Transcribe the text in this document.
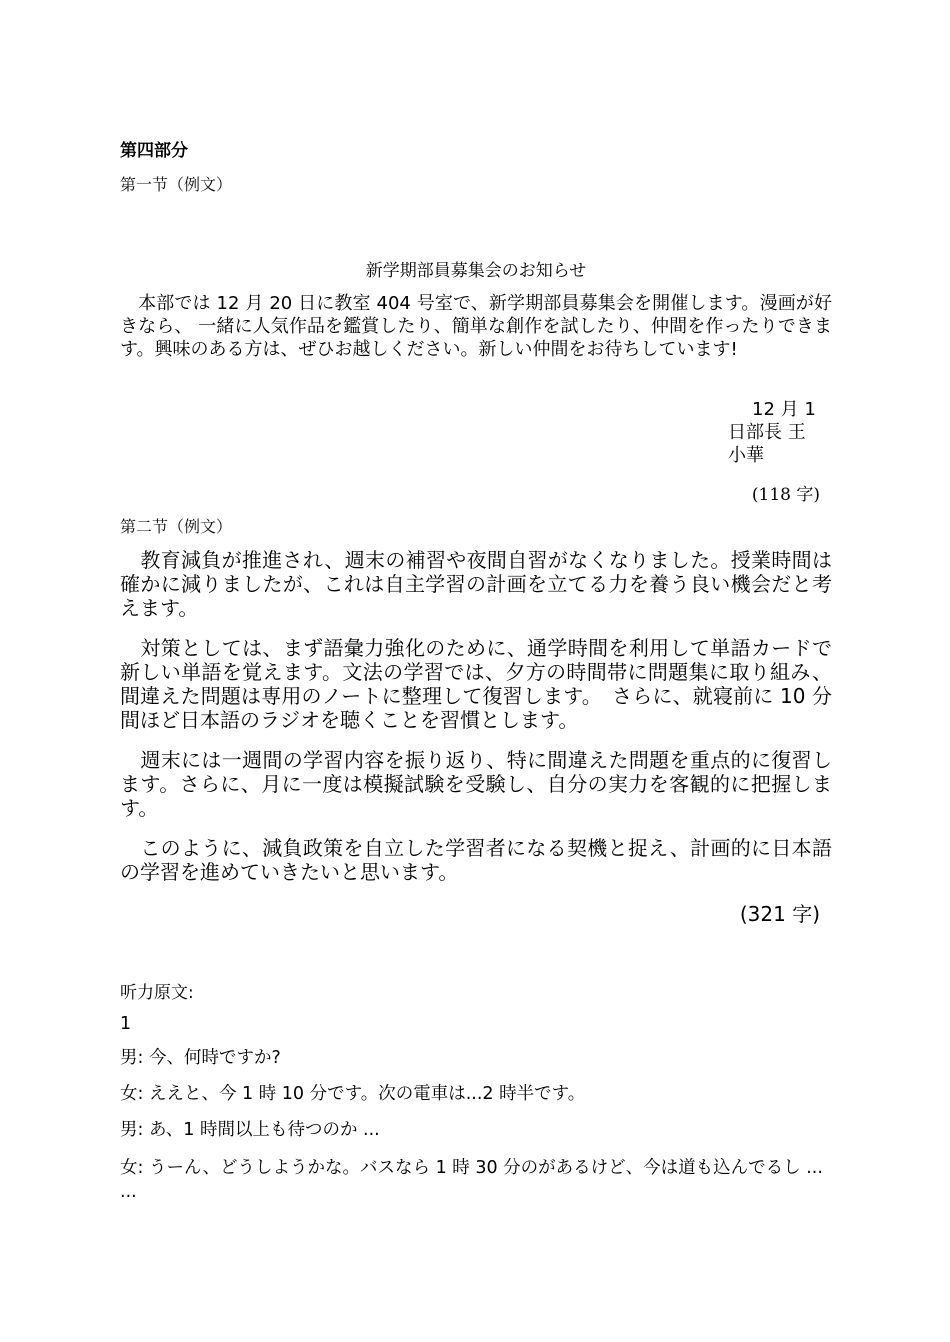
第四部分
第一节（例文）
新学期部員募集会のお知らせ
　本部では 12 月 20 日に教室 404 号室で、新学期部員募集会を開催します。漫画が好きなら、 一緒に人気作品を鑑賞したり、簡単な創作を試したり、仲間を作ったりできます。興味のある方は、ぜひお越しください。新しい仲間をお待ちしています!
12 月 1
日部長 王
小華
(118 字)
第二节（例文）
　教育減負が推進され、週末の補習や夜間自習がなくなりました。授業時間は確かに減りましたが、これは自主学習の計画を立てる力を養う良い機会だと考えます。
　対策としては、まず語彙力強化のために、通学時間を利用して単語カードで新しい単語を覚えます。文法の学習では、夕方の時間帯に問題集に取り組み、間違えた問題は専用のノートに整理して復習します。　さらに、就寝前に 10 分間ほど日本語のラジオを聴くことを習慣とします。
　週末には一週間の学習内容を振り返り、特に間違えた問題を重点的に復習します。さらに、月に一度は模擬試験を受験し、自分の実力を客観的に把握します。
　このように、減負政策を自立した学習者になる契機と捉え、計画的に日本語の学習を進めていきたいと思います。
(321 字)
听力原文:
1
男: 今、何時ですか?
女: ええと、今 1 時 10 分です。次の電車は...2 時半です。
男: あ、1 時間以上も待つのか ...
女: うーん、どうしようかな。バスなら 1 時 30 分のがあるけど、今は道も込んでるし ... ...
